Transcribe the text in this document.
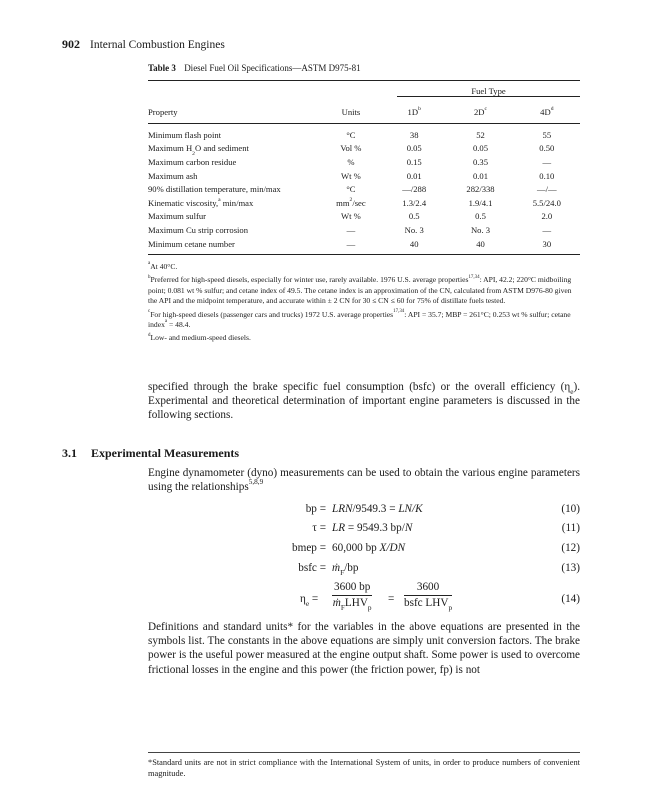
902 Internal Combustion Engines
Table 3 Diesel Fuel Oil Specifications—ASTM D975-81

		Fuel Type		

Property	Units	$1D^b$	$2D^c$	$4D^d$
Minimum flash point	°C	38	52	55
Maximum $H_2O$ and sediment	Vol %	0.05	0.05	0.50
Maximum carbon residue	%	0.15	0.35	—
Maximum ash	Wt %	0.01	0.01	0.10
90% distillation temperature, min/max	°C	—/288	282/338	—/—
Kinematic viscosity,$^a$ min/max	$mm^2/\sec$	1.3/2.4	1.9/4.1	5.5/24.0
Maximum sulfur	Wt %	0.5	0.5	2.0
Maximum Cu strip corrosion	—	No. 3	No. 3	—
Minimum cetane number	—	40	40	30

$^a$At 40°C.

$^b$Preferred for high-speed diesels, especially for winter use, rarely available. 1976 U.S. average properties$^{17,34}$: API, 42.2; 220°C midboiling point; 0.081 wt % sulfur; and cetane index of 49.5. The cetane index is an approximation of the CN, calculated from ASTM D976-80 given the API and the midpoint temperature, and accurate within ± 2 CN for 30 ≤ CN ≤ 60 for 75% of distillate fuels tested.

$^c$For high-speed diesels (passenger cars and trucks) 1972 U.S. average properties$^{17,34}$: API = 35.7; MBP = 261°C; 0.253 wt % sulfur; cetane index$^a$ = 48.4.

$^d$Low- and medium-speed diesels.

specified through the brake specific fuel consumption (bsfc) or the overall efficiency $(\eta_e)$. Experimental and theoretical determination of important engine parameters is discussed in the following sections.
3.1 Experimental Measurements
Engine dynamometer (dyno) measurements can be used to obtain the various engine parameters using the relationships$^{5,8,9}$
bp = LRN/9549.3 = LN/K	(10)
τ = LR = 9549.3 bp/N	(11)
bmep = 60,000 bp X/DN	(12)
bsfc = ṁ$_F$/bp	(13)
$\eta_e$ =
3600 bp
$ṁ_FLHV_p$
=
3600
bsfc $LHV_p$
(14)
Definitions and standard units* for the variables in the above equations are presented in the symbols list. The constants in the above equations are simply unit conversion factors. The brake power is the useful power measured at the engine output shaft. Some power is used to overcome frictional losses in the engine and this power (the friction power, fp) is not
*Standard units are not in strict compliance with the International System of units, in order to produce numbers of convenient magnitude.
